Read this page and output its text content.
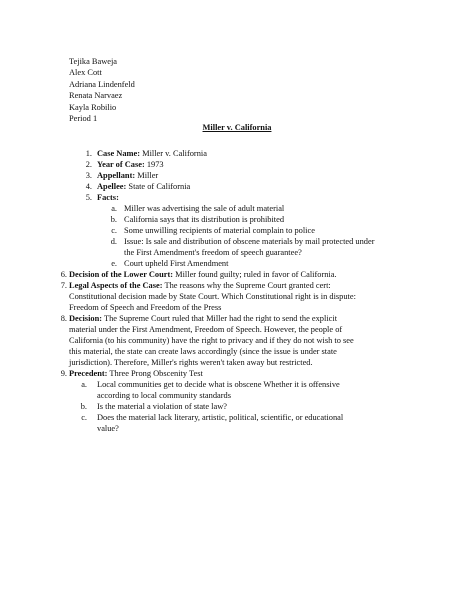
Tejika Baweja
Alex Cott
Adriana Lindenfeld
Renata Narvaez
Kayla Robilio
Period 1
Miller v. California
1. Case Name: Miller v. California
2. Year of Case: 1973
3. Appellant: Miller
4. Apellee: State of California
5. Facts:
a. Miller was advertising the sale of adult material
b. California says that its distribution is prohibited
c. Some unwilling recipients of material complain to police
d. Issue: Is sale and distribution of obscene materials by mail protected under
the First Amendment's freedom of speech guarantee?
e. Court upheld First Amendment
6. Decision of the Lower Court: Miller found guilty; ruled in favor of California.
7. Legal Aspects of the Case: The reasons why the Supreme Court granted cert:
Constitutional decision made by State Court. Which Constitutional right is in dispute:
Freedom of Speech and Freedom of the Press
8. Decision: The Supreme Court ruled that Miller had the right to send the explicit
material under the First Amendment, Freedom of Speech. However, the people of
California (to his community) have the right to privacy and if they do not wish to see
this material, the state can create laws accordingly (since the issue is under state
jurisdiction). Therefore, Miller's rights weren't taken away but restricted.
9. Precedent: Three Prong Obscenity Test
a. Local communities get to decide what is obscene Whether it is offensive
according to local community standards
b. Is the material a violation of state law?
c. Does the material lack literary, artistic, political, scientific, or educational
value?
